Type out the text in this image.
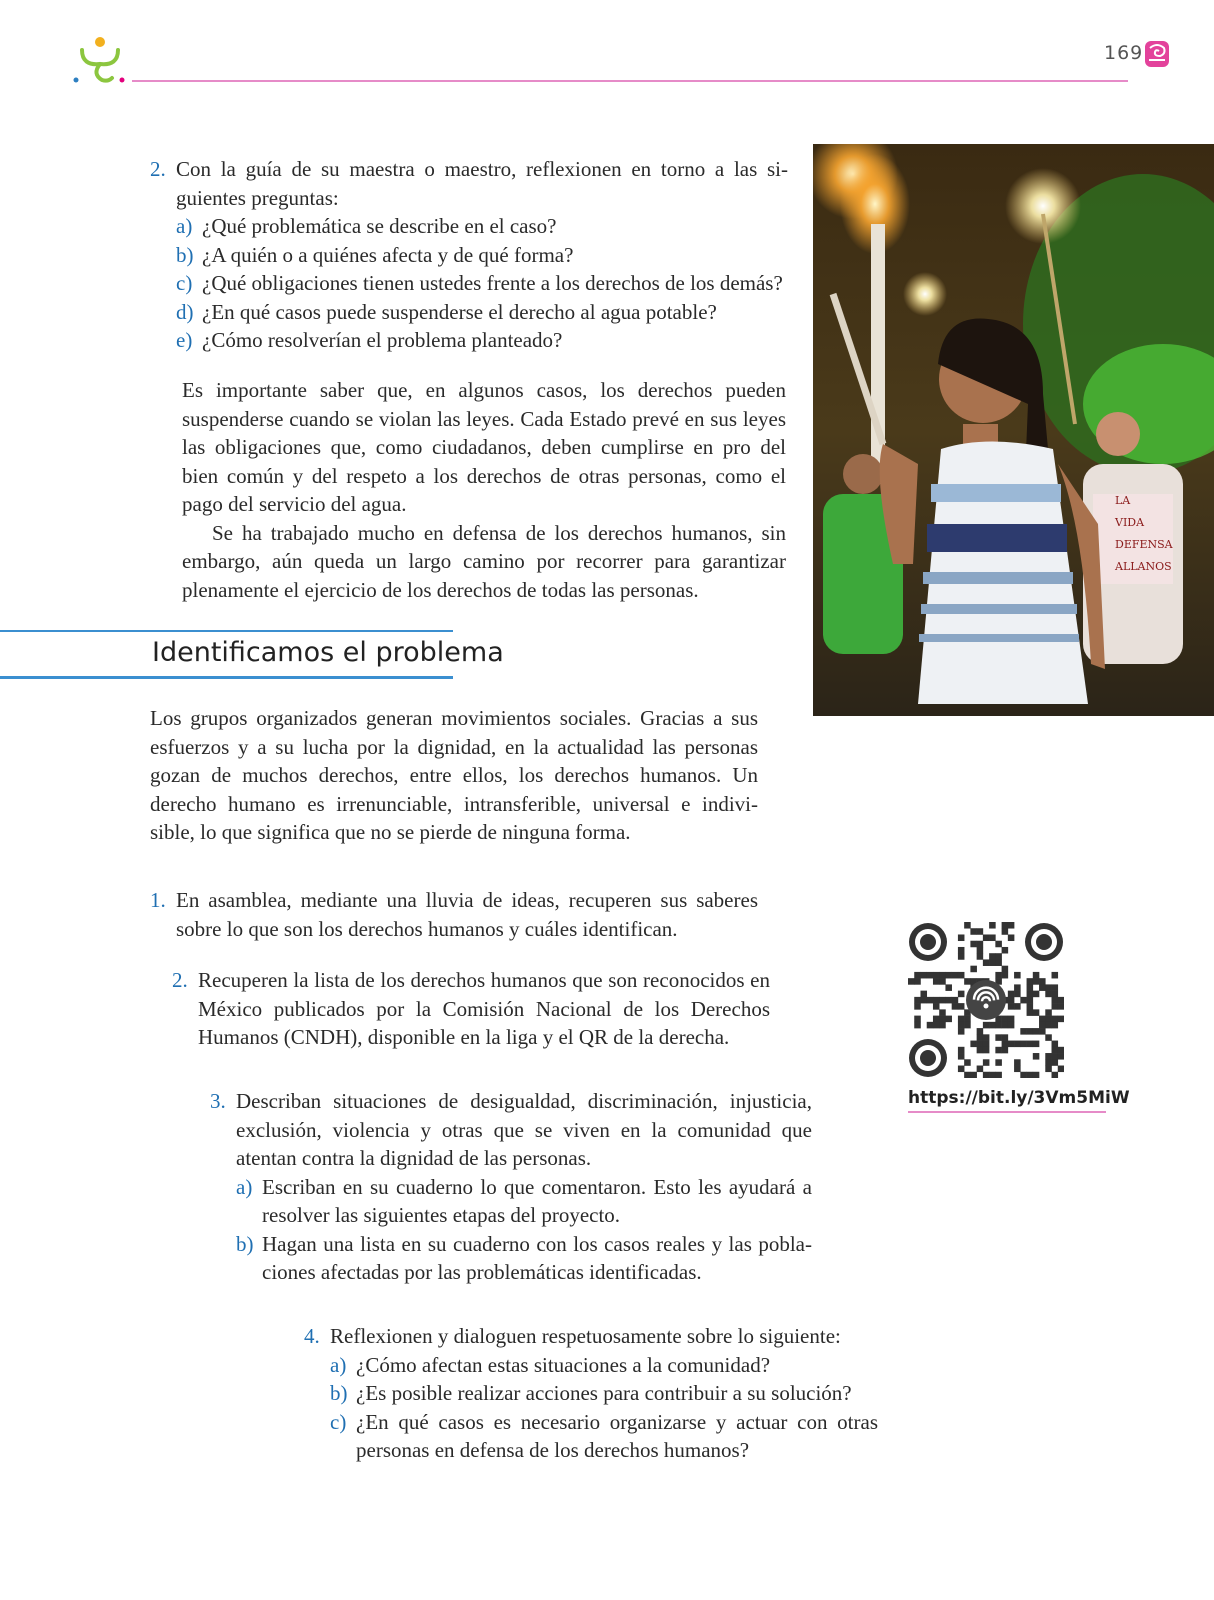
169

2. Con la guía de su maestra o maestro, reflexionen en torno a las si-guientes preguntas:

a) ¿Qué problemática se describe en el caso?

b) ¿A quién o a quiénes afecta y de qué forma?

c) ¿Qué obligaciones tienen ustedes frente a los derechos de los demás?

d) ¿En qué casos puede suspenderse el derecho al agua potable?

e) ¿Cómo resolverían el problema planteado?

Es importante saber que, en algunos casos, los derechos pueden suspenderse cuando se violan las leyes. Cada Estado prevé en sus leyes las obligaciones que, como ciudadanos, deben cumplirse en pro del bien común y del respeto a los derechos de otras personas, como el pago del servicio del agua.

Se ha trabajado mucho en defensa de los derechos humanos, sin embargo, aún queda un largo camino por recorrer para garantizar plenamente el ejercicio de los derechos de todas las personas.

Identificamos el problema

Los grupos organizados generan movimientos sociales. Gracias a sus esfuerzos y a su lucha por la dignidad, en la actualidad las personas gozan de muchos derechos, entre ellos, los derechos humanos. Un derecho humano es irrenunciable, intransferible, universal e indivi-sible, lo que significa que no se pierde de ninguna forma.

1. En asamblea, mediante una lluvia de ideas, recuperen sus saberes sobre lo que son los derechos humanos y cuáles identifican.

2. Recuperen la lista de los derechos humanos que son reconocidos en México publicados por la Comisión Nacional de los Derechos Humanos (CNDH), disponible en la liga y el QR de la derecha.

3. Describan situaciones de desigualdad, discriminación, injusticia, exclusión, violencia y otras que se viven en la comunidad que atentan contra la dignidad de las personas.

a) Escriban en su cuaderno lo que comentaron. Esto les ayudará a resolver las siguientes etapas del proyecto.

b) Hagan una lista en su cuaderno con los casos reales y las pobla-ciones afectadas por las problemáticas identificadas.

4. Reflexionen y dialoguen respetuosamente sobre lo siguiente:

a) ¿Cómo afectan estas situaciones a la comunidad?

b) ¿Es posible realizar acciones para contribuir a su solución?

c) ¿En qué casos es necesario organizarse y actuar con otras personas en defensa de los derechos humanos?

LA VIDA DEFENSA ALLANOS
https://bit.ly/3Vm5MiW
